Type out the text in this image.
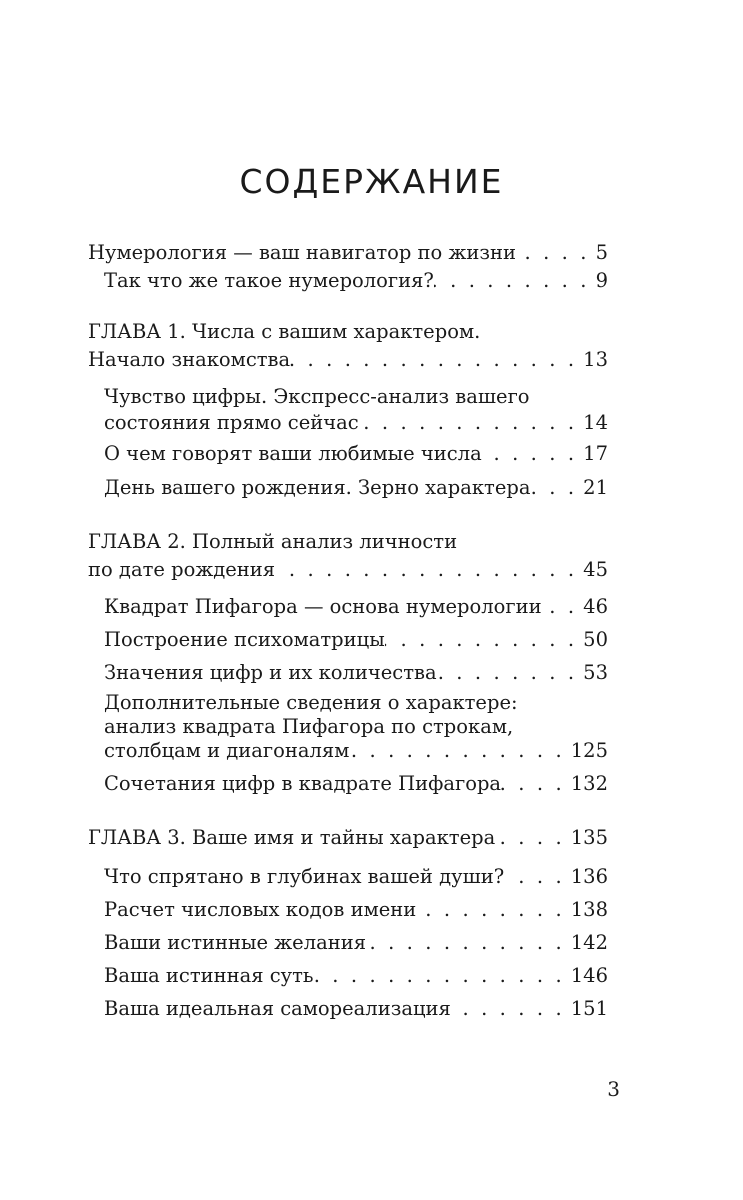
СОДЕРЖАНИЕ
Нумерология — ваш навигатор по жизни . . .	5
Так что же такое нумерология? . . .	9
ГЛАВА 1. Числа с вашим характером.
Начало знакомства . . .	13
Чувство цифры. Экспресс-анализ вашего
состояния прямо сейчас . . .	14
О чем говорят ваши любимые числа . . .	17
День вашего рождения. Зерно характера . . .	21
ГЛАВА 2. Полный анализ личности
по дате рождения . . .	45
Квадрат Пифагора — основа нумерологии . . . 46
Построение психоматрицы . . .	50
Значения цифр и их количества . . .	53
Дополнительные сведения о характере:
анализ квадрата Пифагора по строкам,
столбцам и диагоналям . . .	125
Сочетания цифр в квадрате Пифагора . . .	132
ГЛАВА 3. Ваше имя и тайны характера . . .	135
Что спрятано в глубинах вашей души? . . .	136
Расчет числовых кодов имени . . .	138
Ваши истинные желания . . .	142
Ваша истинная суть . . .	146
Ваша идеальная самореализация . . .	151
3
